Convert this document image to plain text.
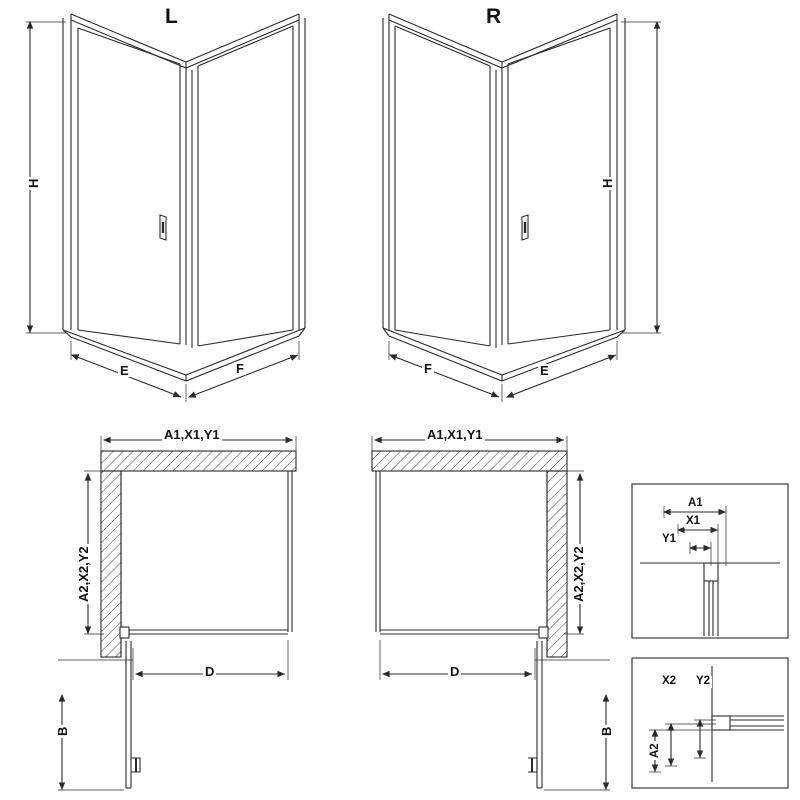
L
H
E	F
R
H
F	E
A1,X1,Y1
A2,X2,Y2
D
B
A1,X1,Y1
A2,X2,Y2
D
B
A1
X1
Y1
A2
X2 Y2
